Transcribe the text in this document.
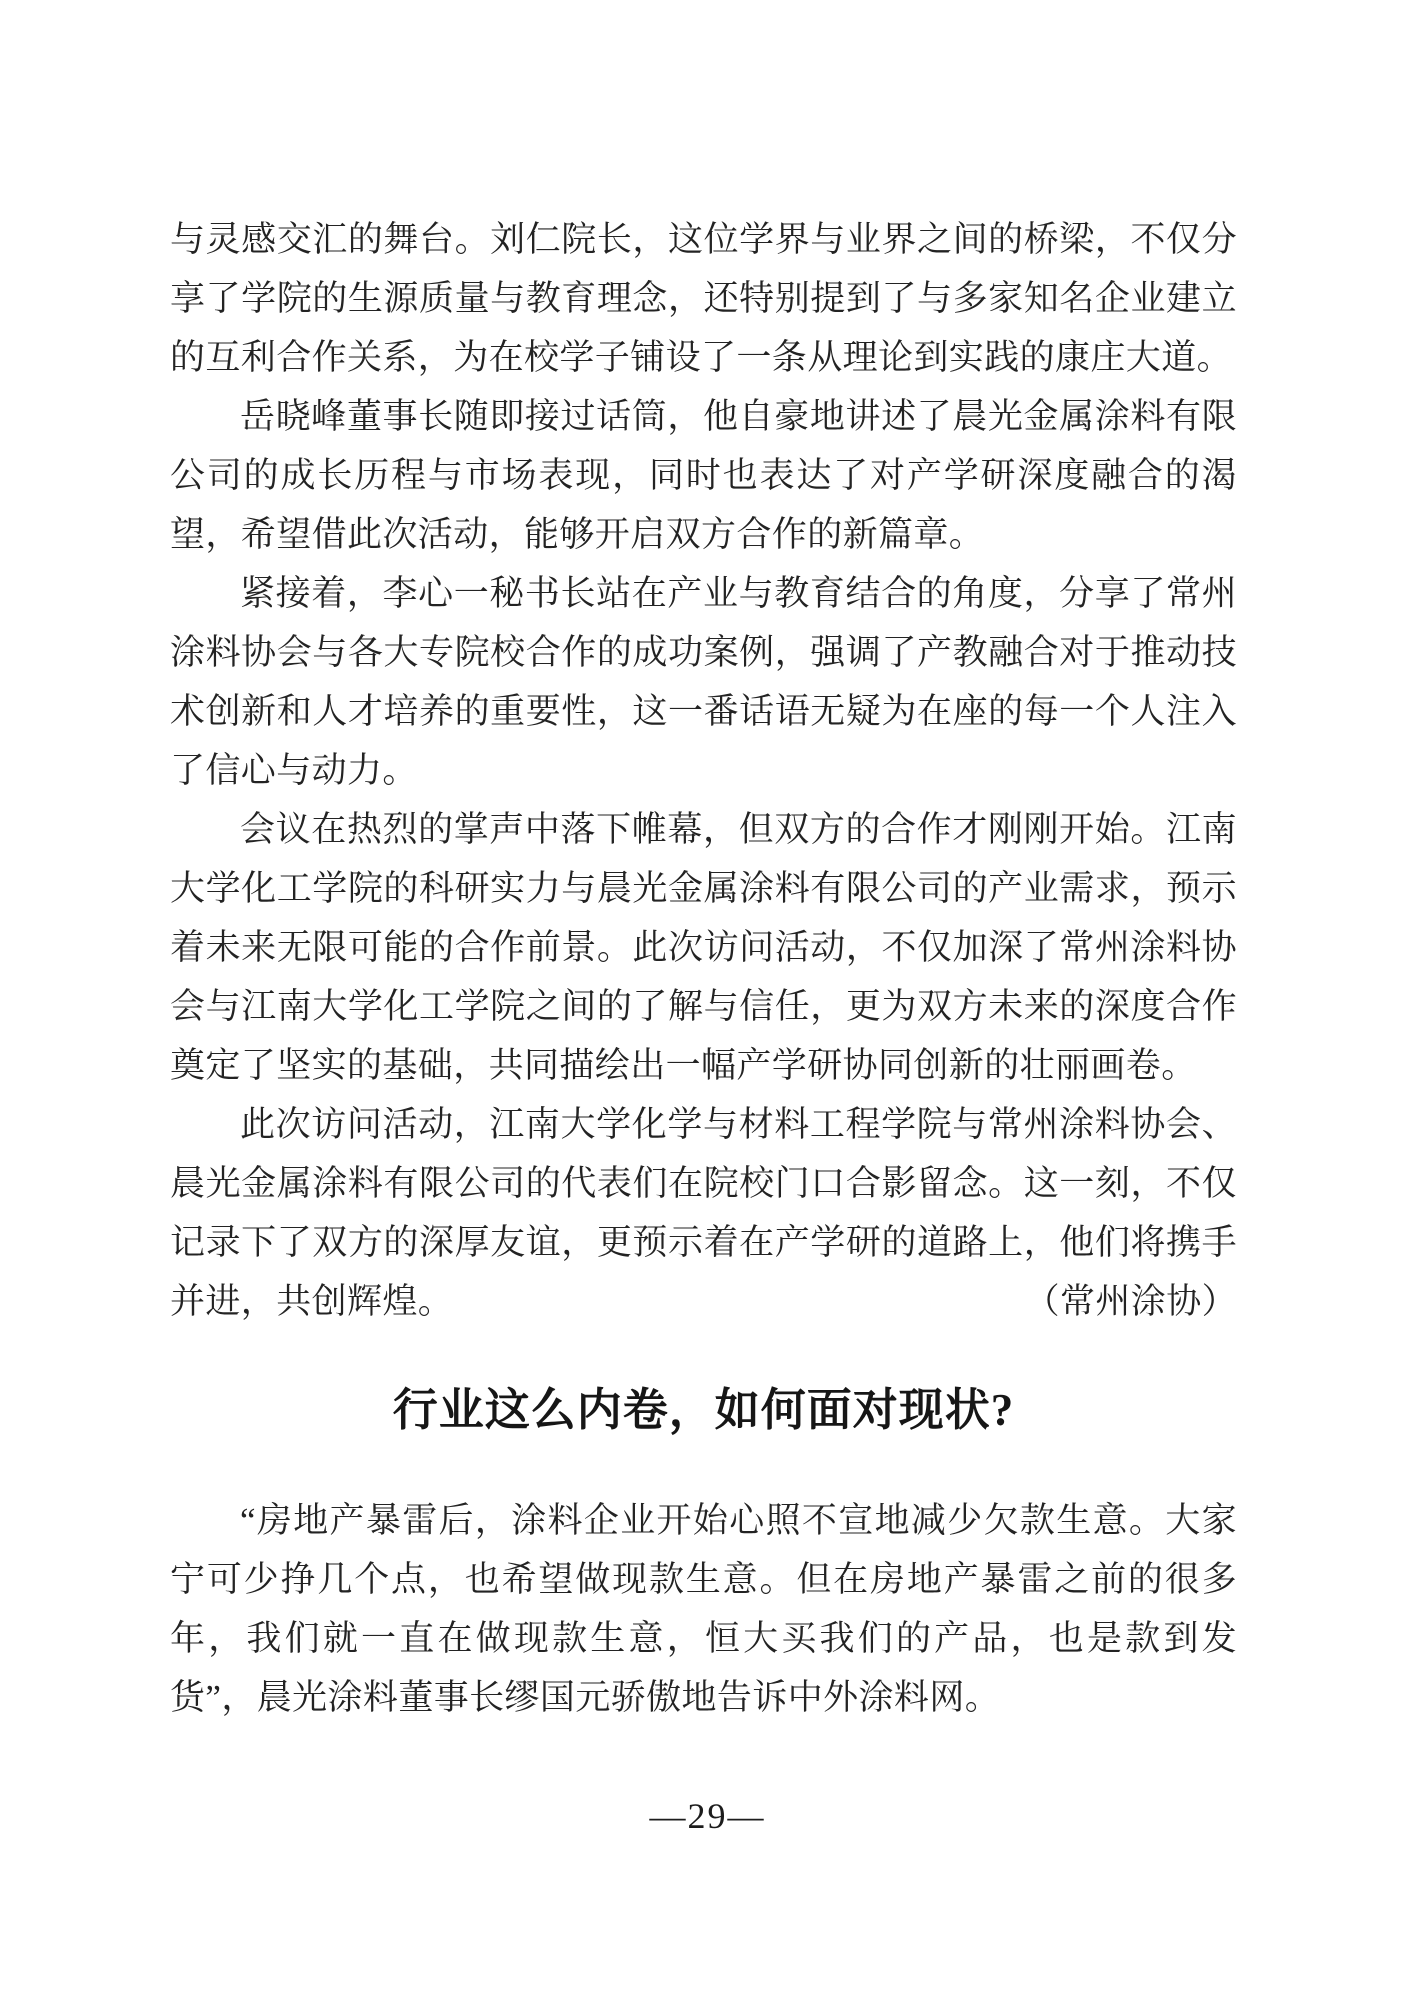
与灵感交汇的舞台。刘仁院长，这位学界与业界之间的桥梁，不仅分享了学院的生源质量与教育理念，还特别提到了与多家知名企业建立的互利合作关系，为在校学子铺设了一条从理论到实践的康庄大道。

岳晓峰董事长随即接过话筒，他自豪地讲述了晨光金属涂料有限公司的成长历程与市场表现，同时也表达了对产学研深度融合的渴望，希望借此次活动，能够开启双方合作的新篇章。

紧接着，李心一秘书长站在产业与教育结合的角度，分享了常州涂料协会与各大专院校合作的成功案例，强调了产教融合对于推动技术创新和人才培养的重要性，这一番话语无疑为在座的每一个人注入了信心与动力。

会议在热烈的掌声中落下帷幕，但双方的合作才刚刚开始。江南大学化工学院的科研实力与晨光金属涂料有限公司的产业需求，预示着未来无限可能的合作前景。此次访问活动，不仅加深了常州涂料协会与江南大学化工学院之间的了解与信任，更为双方未来的深度合作奠定了坚实的基础，共同描绘出一幅产学研协同创新的壮丽画卷。

此次访问活动，江南大学化学与材料工程学院与常州涂料协会、晨光金属涂料有限公司的代表们在院校门口合影留念。这一刻，不仅记录下了双方的深厚友谊，更预示着在产学研的道路上，他们将携手并进，共创辉煌。	（常州涂协）

行业这么内卷，如何面对现状?

“房地产暴雷后，涂料企业开始心照不宣地减少欠款生意。大家宁可少挣几个点，也希望做现款生意。但在房地产暴雷之前的很多年，我们就一直在做现款生意，恒大买我们的产品，也是款到发货”，晨光涂料董事长缪国元骄傲地告诉中外涂料网。

—29—
